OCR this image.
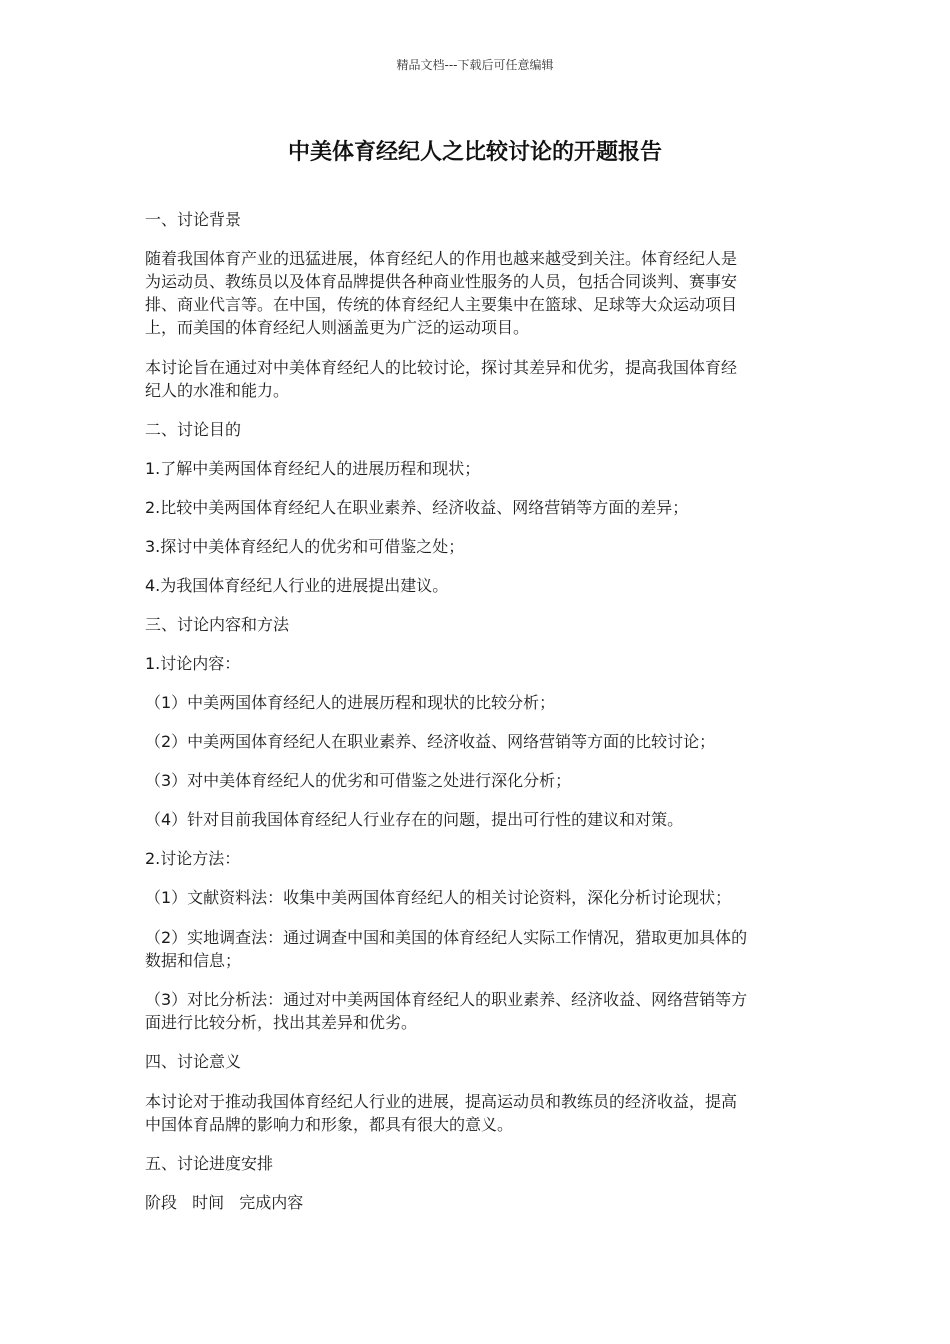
精品文档---下载后可任意编辑
中美体育经纪人之比较讨论的开题报告
一、讨论背景
随着我国体育产业的迅猛进展，体育经纪人的作用也越来越受到关注。体育经纪人是
为运动员、教练员以及体育品牌提供各种商业性服务的人员，包括合同谈判、赛事安
排、商业代言等。在中国，传统的体育经纪人主要集中在篮球、足球等大众运动项目
上，而美国的体育经纪人则涵盖更为广泛的运动项目。
本讨论旨在通过对中美体育经纪人的比较讨论，探讨其差异和优劣，提高我国体育经
纪人的水准和能力。
二、讨论目的
1.了解中美两国体育经纪人的进展历程和现状；
2.比较中美两国体育经纪人在职业素养、经济收益、网络营销等方面的差异；
3.探讨中美体育经纪人的优劣和可借鉴之处；
4.为我国体育经纪人行业的进展提出建议。
三、讨论内容和方法
1.讨论内容：
（1）中美两国体育经纪人的进展历程和现状的比较分析；
（2）中美两国体育经纪人在职业素养、经济收益、网络营销等方面的比较讨论；
（3）对中美体育经纪人的优劣和可借鉴之处进行深化分析；
（4）针对目前我国体育经纪人行业存在的问题，提出可行性的建议和对策。
2.讨论方法：
（1）文献资料法：收集中美两国体育经纪人的相关讨论资料，深化分析讨论现状；
（2）实地调查法：通过调查中国和美国的体育经纪人实际工作情况，猎取更加具体的
数据和信息；
（3）对比分析法：通过对中美两国体育经纪人的职业素养、经济收益、网络营销等方
面进行比较分析，找出其差异和优劣。
四、讨论意义
本讨论对于推动我国体育经纪人行业的进展，提高运动员和教练员的经济收益，提高
中国体育品牌的影响力和形象，都具有很大的意义。
五、讨论进度安排
阶段 时间 完成内容
